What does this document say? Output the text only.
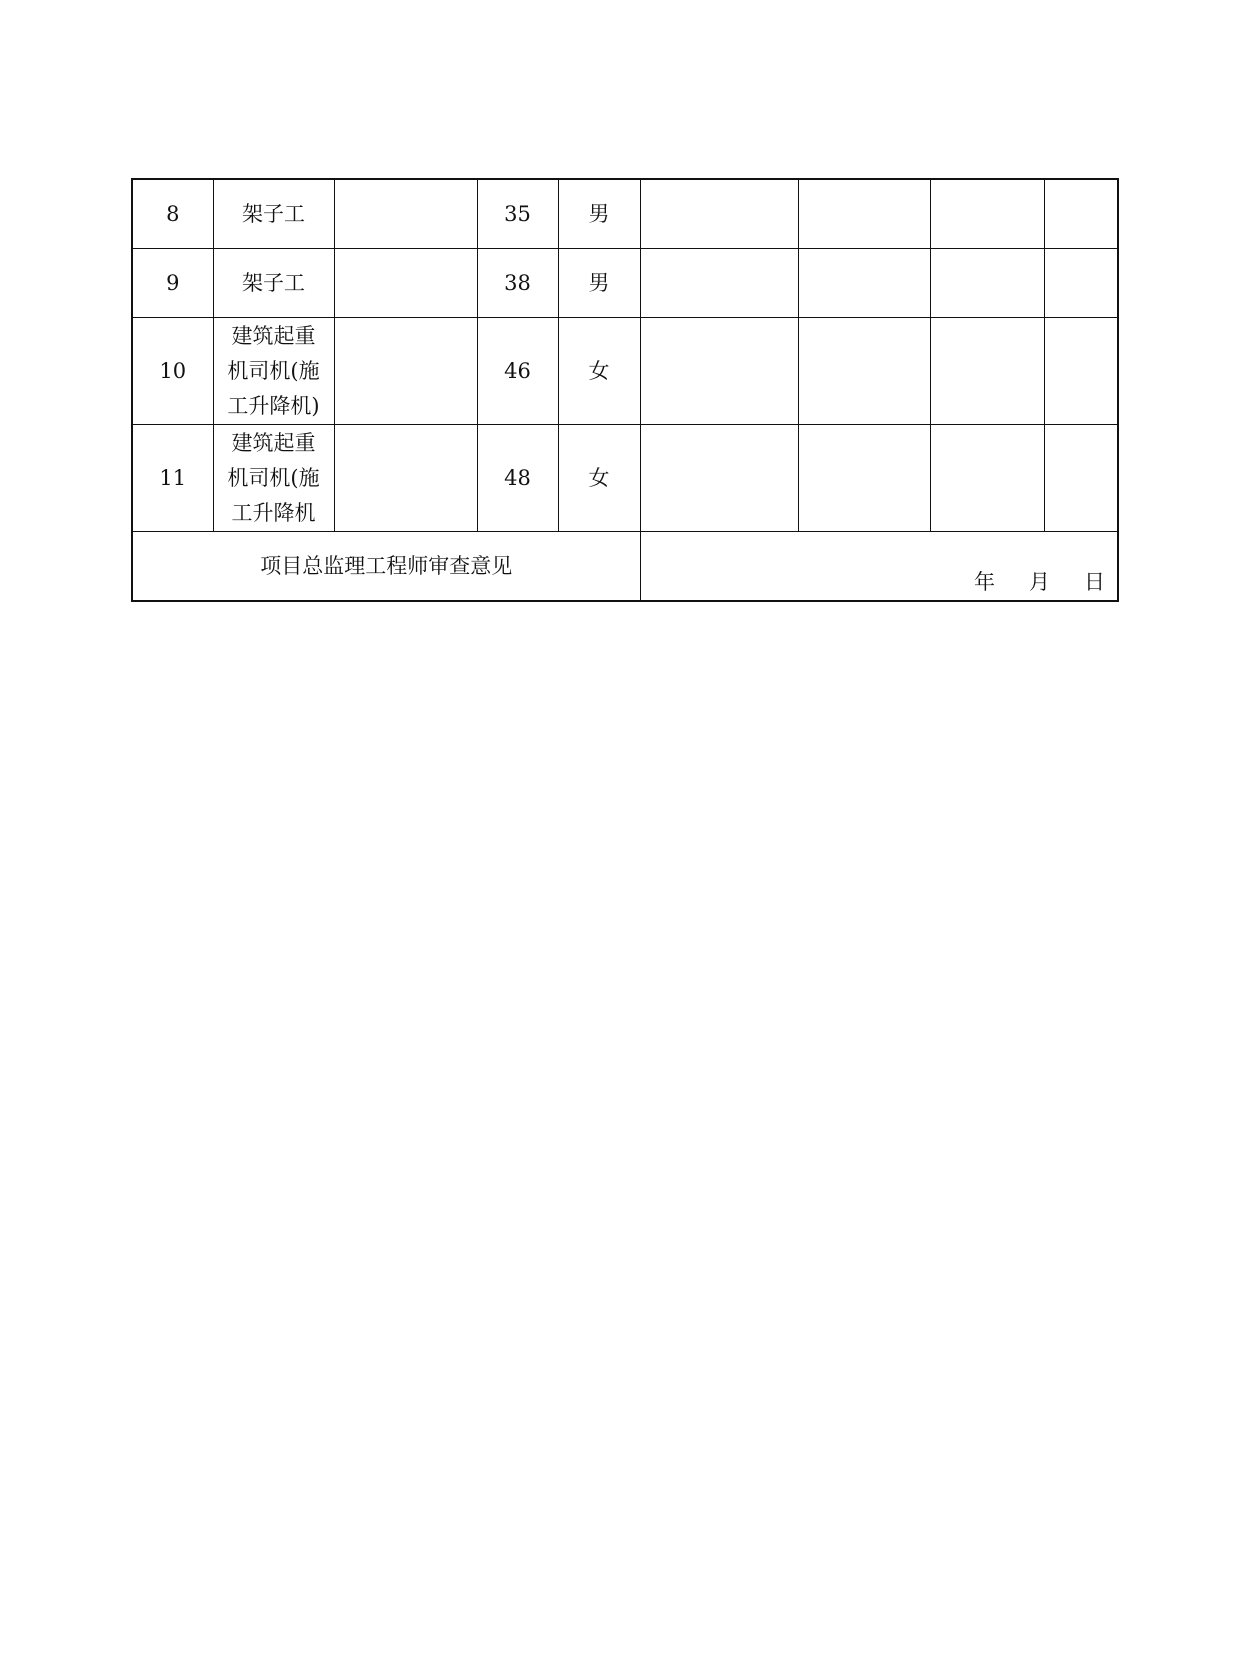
8	架子工		35	男				
9	架子工		38	男				
10	建筑起重
机司机(施
工升降机)		46	女				
11	建筑起重
机司机(施
工升降机		48	女				
项目总监理工程师审查意见					年 月 日			
